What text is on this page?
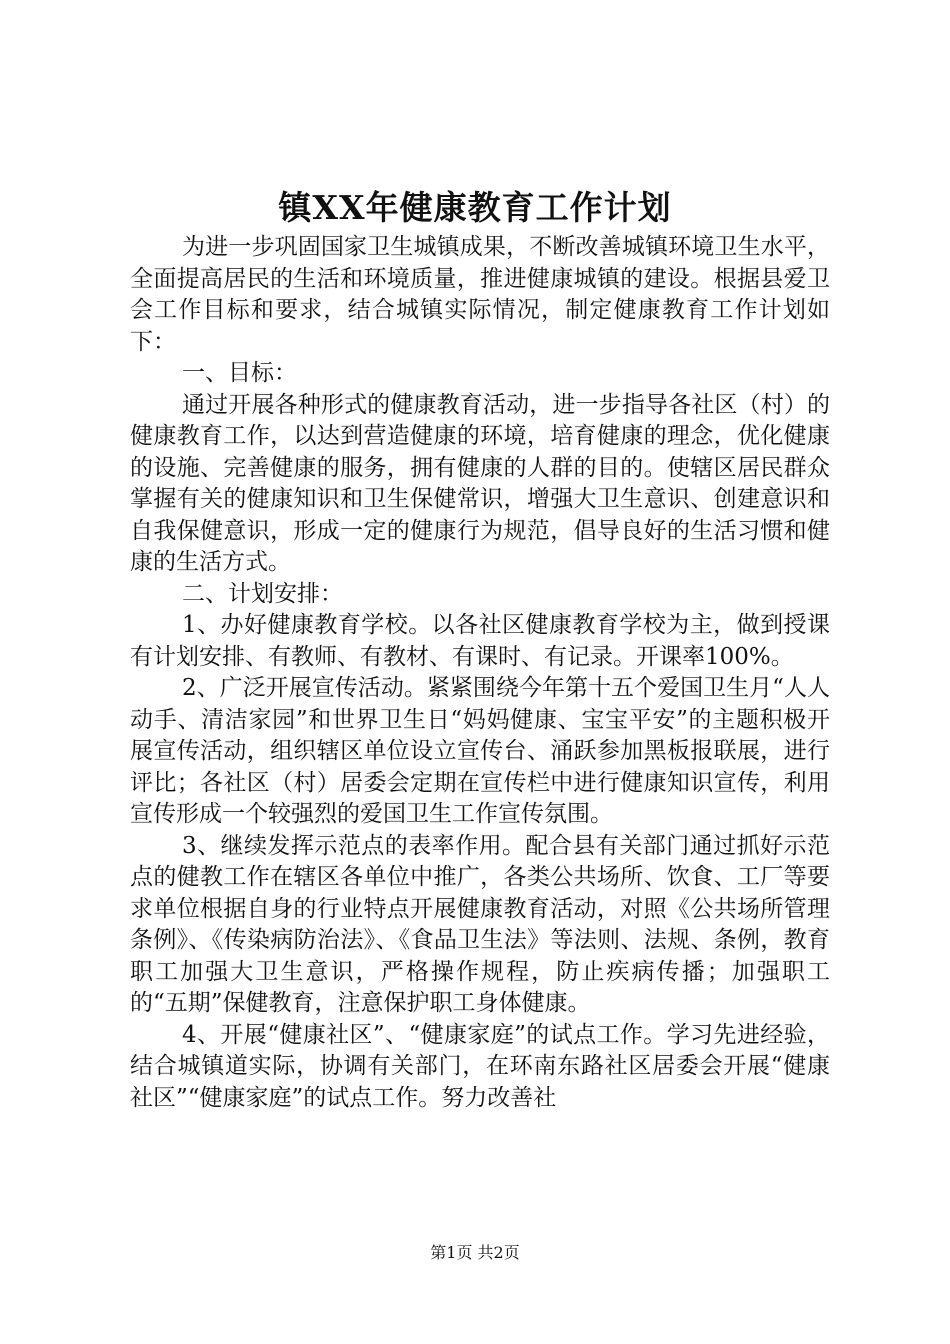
镇XX年健康教育工作计划

为进一步巩固国家卫生城镇成果，不断改善城镇环境卫生水平，全面提高居民的生活和环境质量，推进健康城镇的建设。根据县爱卫会工作目标和要求，结合城镇实际情况，制定健康教育工作计划如下：

一、目标：

通过开展各种形式的健康教育活动，进一步指导各社区（村）的健康教育工作，以达到营造健康的环境，培育健康的理念，优化健康的设施、完善健康的服务，拥有健康的人群的目的。使辖区居民群众掌握有关的健康知识和卫生保健常识，增强大卫生意识、创建意识和自我保健意识，形成一定的健康行为规范，倡导良好的生活习惯和健康的生活方式。

二、计划安排：

1、办好健康教育学校。以各社区健康教育学校为主，做到授课有计划安排、有教师、有教材、有课时、有记录。开课率100%。

2、广泛开展宣传活动。紧紧围绕今年第十五个爱国卫生月“人人动手、清洁家园”和世界卫生日“妈妈健康、宝宝平安”的主题积极开展宣传活动，组织辖区单位设立宣传台、涌跃参加黑板报联展，进行评比；各社区（村）居委会定期在宣传栏中进行健康知识宣传，利用宣传形成一个较强烈的爱国卫生工作宣传氛围。

3、继续发挥示范点的表率作用。配合县有关部门通过抓好示范点的健教工作在辖区各单位中推广，各类公共场所、饮食、工厂等要求单位根据自身的行业特点开展健康教育活动，对照《公共场所管理条例》、《传染病防治法》、《食品卫生法》等法则、法规、条例，教育职工加强大卫生意识，严格操作规程，防止疾病传播；加强职工的“五期”保健教育，注意保护职工身体健康。

4、开展“健康社区”、“健康家庭”的试点工作。学习先进经验，结合城镇道实际，协调有关部门，在环南东路社区居委会开展“健康社区”“健康家庭”的试点工作。努力改善社

第1页 共2页
